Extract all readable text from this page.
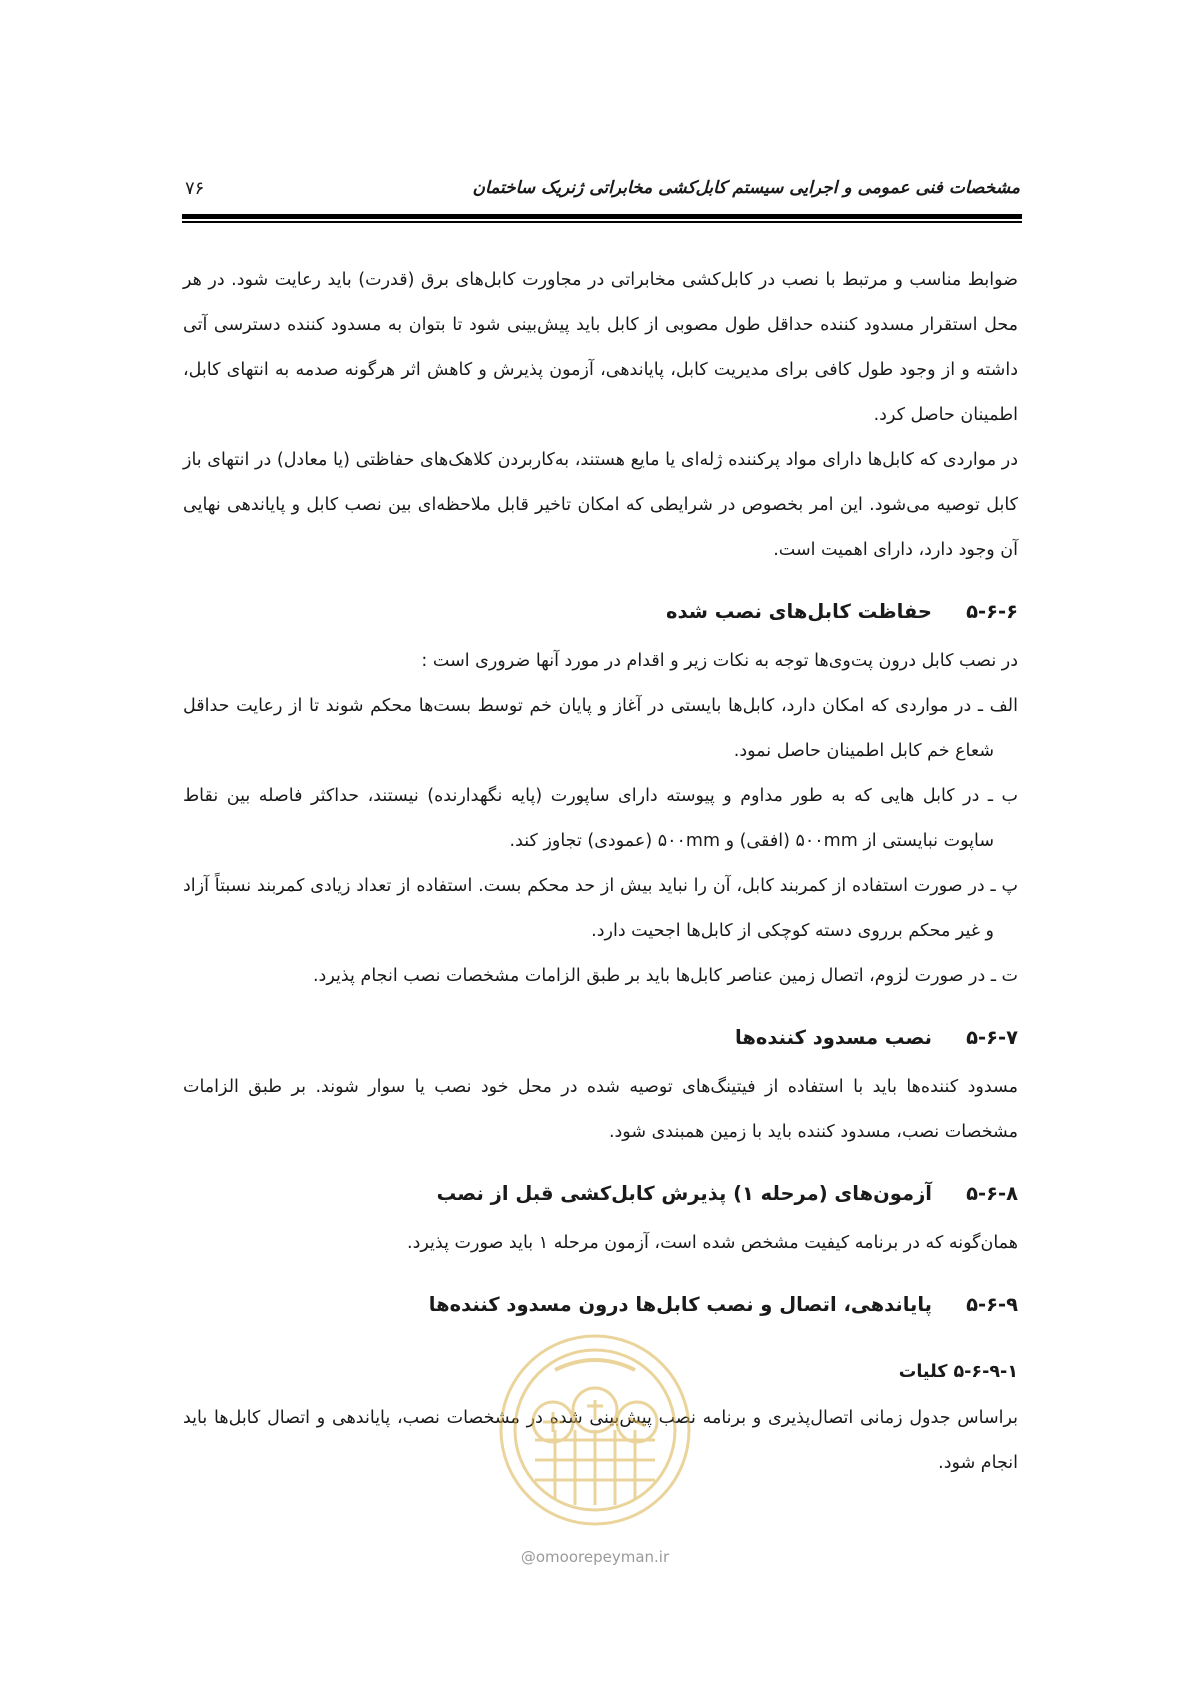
مشخصات فنی عمومی و اجرایی سیستم کابل‌کشی مخابراتی ژنریک ساختمان
۷۶

ضوابط مناسب و مرتبط با نصب در کابل‌کشی مخابراتی در مجاورت کابل‌های برق (قدرت) باید رعایت شود. در هر محل استقرار مسدود کننده حداقل طول مصوبی از کابل باید پیش‌بینی شود تا بتوان به مسدود کننده دسترسی آتی داشته و از وجود طول کافی برای مدیریت کابل، پایاندهی، آزمون پذیرش و کاهش اثر هرگونه صدمه به انتهای کابل، اطمینان حاصل کرد.

در مواردی که کابل‌ها دارای مواد پرکننده ژله‌ای یا مایع هستند، به‌کاربردن کلاهک‌های حفاظتی (یا معادل) در انتهای باز کابل توصیه می‌شود. این امر بخصوص در شرایطی که امکان تاخیر قابل ملاحظه‌ای بین نصب کابل و پایاندهی نهایی آن وجود دارد، دارای اهمیت است.

۵-۶-۶
حفاظت کابل‌های نصب شده

در نصب کابل درون پت‌وی‌ها توجه به نکات زیر و اقدام در مورد آنها ضروری است :

الف ـ در مواردی که امکان دارد، کابل‌ها بایستی در آغاز و پایان خم توسط بست‌ها محکم شوند تا از رعایت حداقل شعاع خم کابل اطمینان حاصل نمود.

ب ـ در کابل هایی که به طور مداوم و پیوسته دارای ساپورت (پایه نگهدارنده) نیستند، حداکثر فاصله بین نقاط ساپوت نبایستی از ۵۰۰mm (افقی) و ۵۰۰mm (عمودی) تجاوز کند.

پ ـ در صورت استفاده از کمربند کابل، آن را نباید بیش از حد محکم بست. استفاده از تعداد زیادی کمربند نسبتاً آزاد و غیر محکم برروی دسته کوچکی از کابل‌ها اجحیت دارد.

ت ـ در صورت لزوم، اتصال زمین عناصر کابل‌ها باید بر طبق الزامات مشخصات نصب انجام پذیرد.

۵-۶-۷
نصب مسدود کننده‌ها

مسدود کننده‌ها باید با استفاده از فیتینگ‌های توصیه شده در محل خود نصب یا سوار شوند. بر طبق الزامات مشخصات نصب، مسدود کننده باید با زمین همبندی شود.

۵-۶-۸
آزمون‌های (مرحله ۱) پذیرش کابل‌کشی قبل از نصب

همان‌گونه که در برنامه کیفیت مشخص شده است، آزمون مرحله ۱ باید صورت پذیرد.

۵-۶-۹
پایاندهی، اتصال و نصب کابل‌ها درون مسدود کننده‌ها
۵-۶-۹-۱ کلیات

براساس جدول زمانی اتصال‌پذیری و برنامه نصب پیش‌بینی شده در مشخصات نصب، پایاندهی و اتصال کابل‌ها باید انجام شود.

@omoorepeyman.ir
